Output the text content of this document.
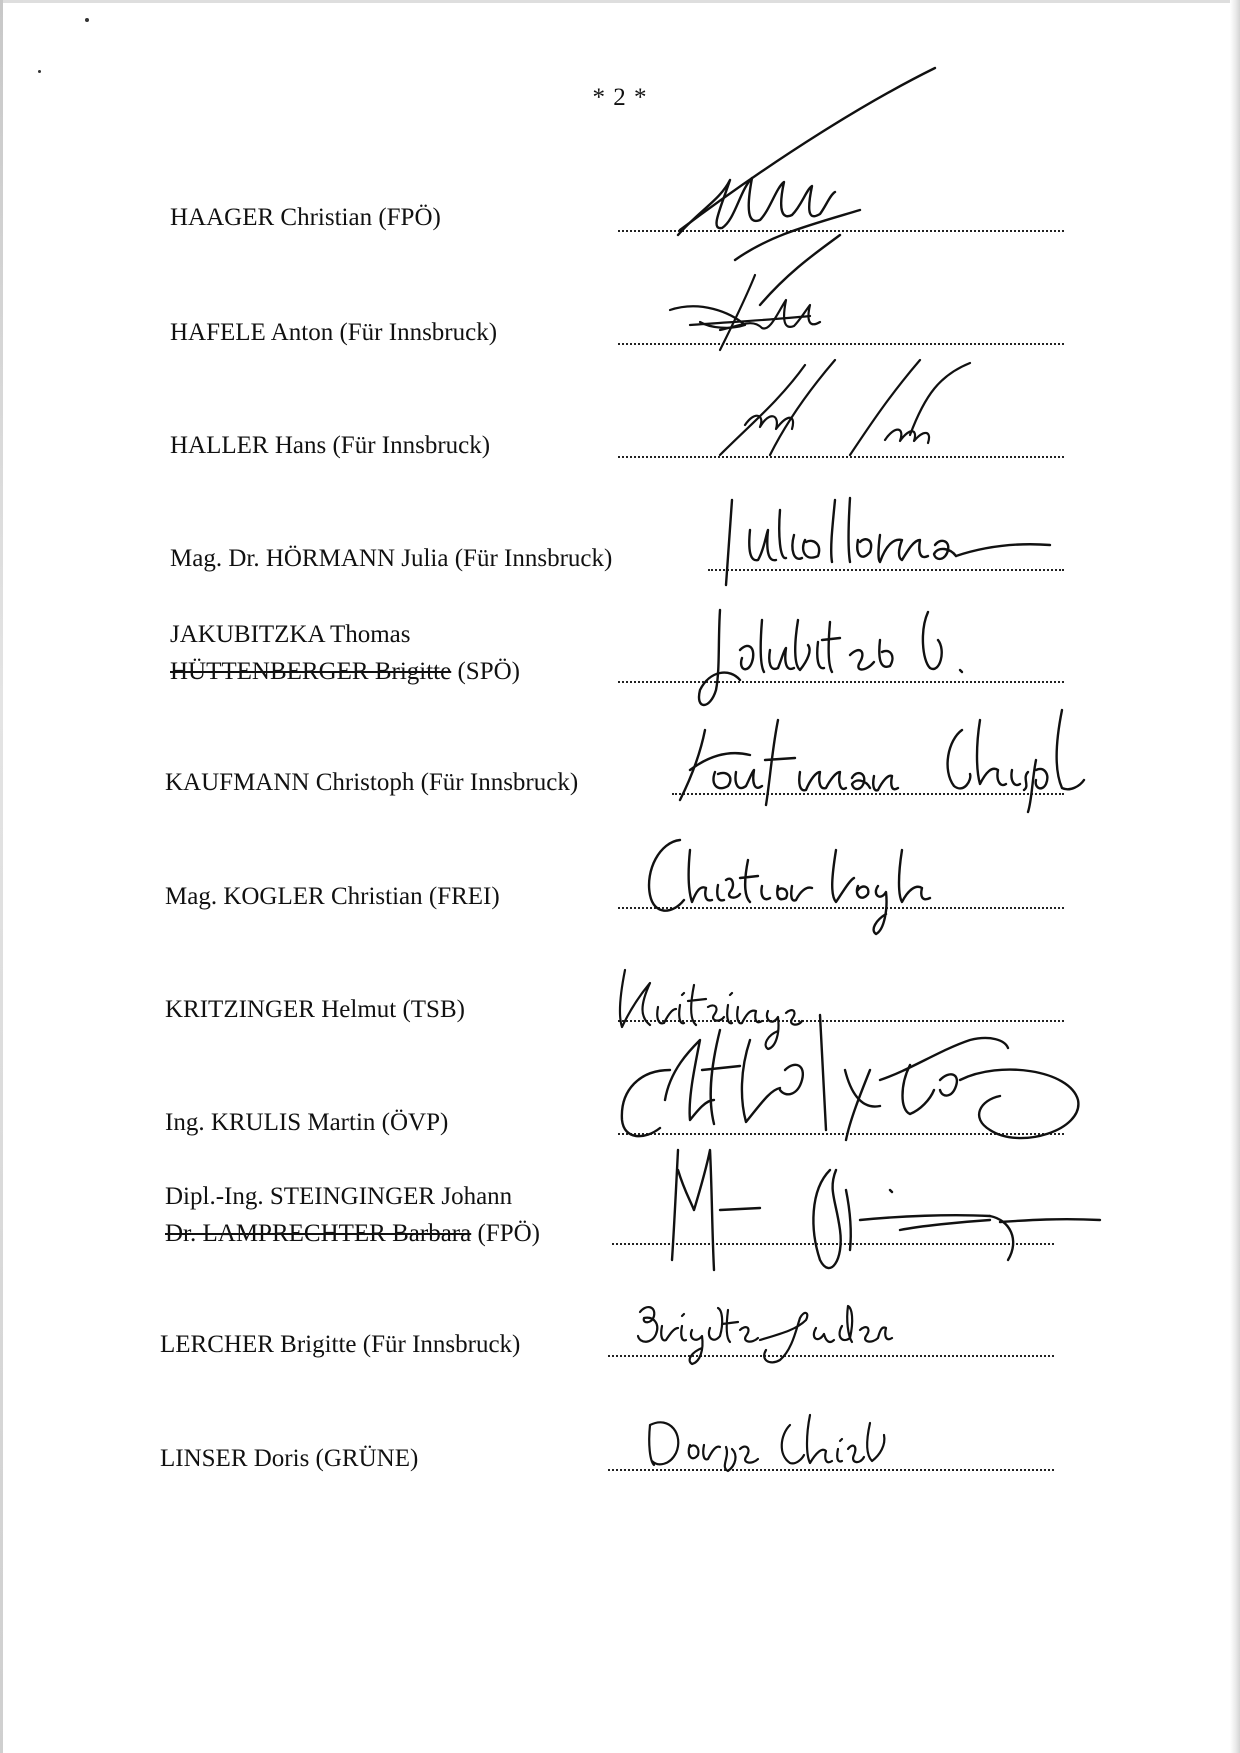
* 2 *
HAAGER Christian (FPÖ)
HAFELE Anton (Für Innsbruck)
HALLER Hans (Für Innsbruck)
Mag. Dr. HÖRMANN Julia (Für Innsbruck)
JAKUBITZKA Thomas
HÜTTENBERGER Brigitte (SPÖ)
KAUFMANN Christoph (Für Innsbruck)
Mag. KOGLER Christian (FREI)
KRITZINGER Helmut (TSB)
Ing. KRULIS Martin (ÖVP)
Dipl.-Ing. STEINGINGER Johann
Dr. LAMPRECHTER Barbara (FPÖ)
LERCHER Brigitte (Für Innsbruck)
LINSER Doris (GRÜNE)
